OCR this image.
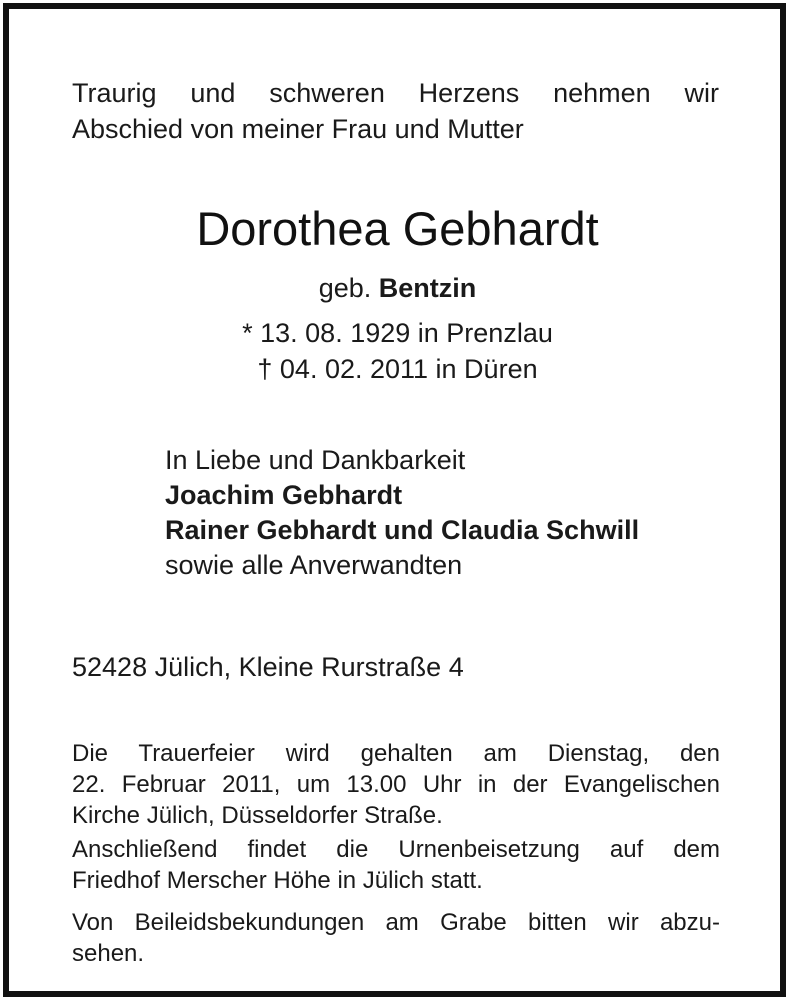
Traurig und schweren Herzens nehmen wir
Abschied von meiner Frau und Mutter
Dorothea Gebhardt
geb. Bentzin
* 13. 08. 1929 in Prenzlau
† 04. 02. 2011 in Düren
In Liebe und Dankbarkeit
Joachim Gebhardt
Rainer Gebhardt und Claudia Schwill
sowie alle Anverwandten
52428 Jülich, Kleine Rurstraße 4
Die Trauerfeier wird gehalten am Dienstag, den
22. Februar 2011, um 13.00 Uhr in der Evangelischen
Kirche Jülich, Düsseldorfer Straße.
Anschließend findet die Urnenbeisetzung auf dem
Friedhof Merscher Höhe in Jülich statt.
Von Beileidsbekundungen am Grabe bitten wir abzu-
sehen.
